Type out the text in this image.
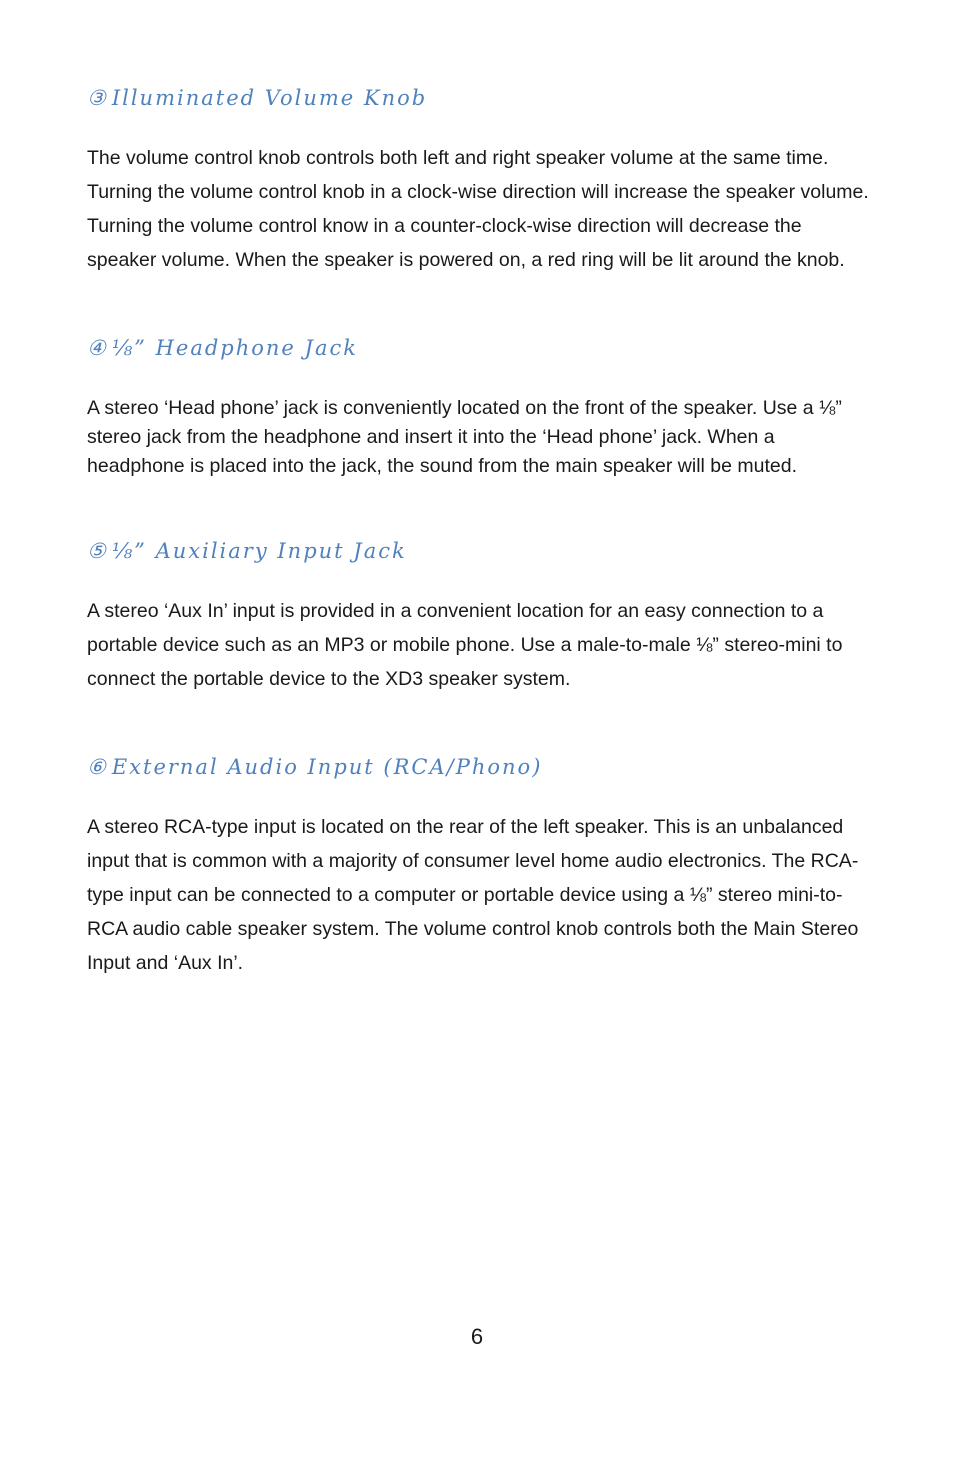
③ Illuminated Volume Knob

The volume control knob controls both left and right speaker volume at the same time. Turning the volume control knob in a clock-wise direction will increase the speaker volume. Turning the volume control know in a counter-clock-wise direction will decrease the speaker volume. When the speaker is powered on, a red ring will be lit around the knob.

④ ⅛” Headphone Jack

A stereo ‘Head phone’ jack is conveniently located on the front of the speaker. Use a ⅛” stereo jack from the headphone and insert it into the ‘Head phone’ jack. When a headphone is placed into the jack, the sound from the main speaker will be muted.

⑤ ⅛” Auxiliary Input Jack

A stereo ‘Aux In’ input is provided in a convenient location for an easy connection to a portable device such as an MP3 or mobile phone. Use a male-to-male ⅛” stereo-mini to connect the portable device to the XD3 speaker system.

⑥ External Audio Input (RCA/Phono)

A stereo RCA-type input is located on the rear of the left speaker. This is an unbalanced input that is common with a majority of consumer level home audio electronics. The RCA-type input can be connected to a computer or portable device using a ⅛” stereo mini-to-RCA audio cable speaker system. The volume control knob controls both the Main Stereo Input and ‘Aux In’.

6
